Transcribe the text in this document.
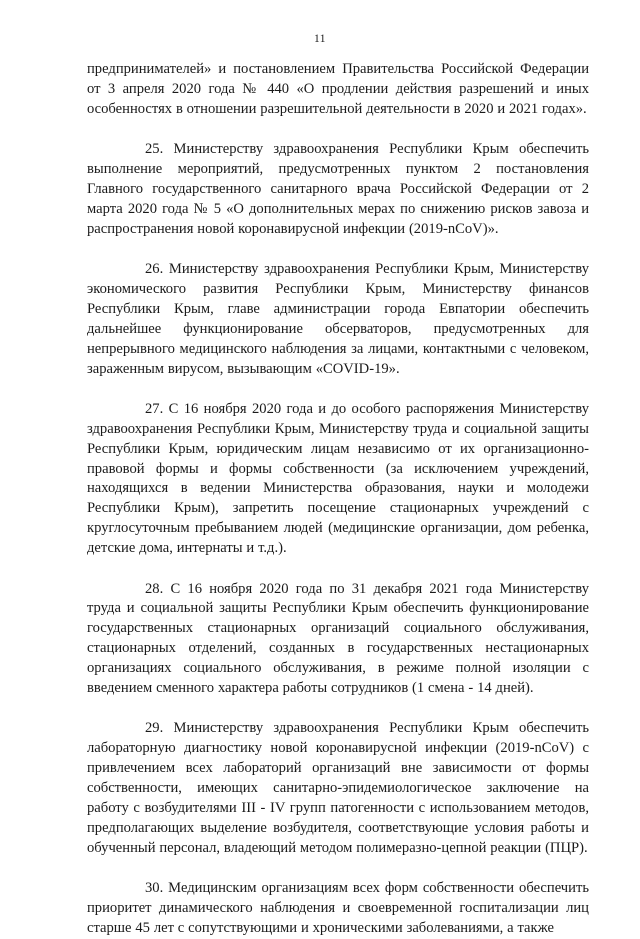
11

предпринимателей» и постановлением Правительства Российской Федерации от 3 апреля 2020 года № 440 «О продлении действия разрешений и иных особенностях в отношении разрешительной деятельности в 2020 и 2021 годах».

25. Министерству здравоохранения Республики Крым обеспечить выполнение мероприятий, предусмотренных пунктом 2 постановления Главного государственного санитарного врача Российской Федерации от 2 марта 2020 года № 5 «О дополнительных мерах по снижению рисков завоза и распространения новой коронавирусной инфекции (2019-nCoV)».

26. Министерству здравоохранения Республики Крым, Министерству экономического развития Республики Крым, Министерству финансов Республики Крым, главе администрации города Евпатории обеспечить дальнейшее функционирование обсерваторов, предусмотренных для непрерывного медицинского наблюдения за лицами, контактными с человеком, зараженным вирусом, вызывающим «COVID-19».

27. С 16 ноября 2020 года и до особого распоряжения Министерству здравоохранения Республики Крым, Министерству труда и социальной защиты Республики Крым, юридическим лицам независимо от их организационно-правовой формы и формы собственности (за исключением учреждений, находящихся в ведении Министерства образования, науки и молодежи Республики Крым), запретить посещение стационарных учреждений с круглосуточным пребыванием людей (медицинские организации, дом ребенка, детские дома, интернаты и т.д.).

28. С 16 ноября 2020 года по 31 декабря 2021 года Министерству труда и социальной защиты Республики Крым обеспечить функционирование государственных стационарных организаций социального обслуживания, стационарных отделений, созданных в государственных нестационарных организациях социального обслуживания, в режиме полной изоляции с введением сменного характера работы сотрудников (1 смена - 14 дней).

29. Министерству здравоохранения Республики Крым обеспечить лабораторную диагностику новой коронавирусной инфекции (2019-nCoV) с привлечением всех лабораторий организаций вне зависимости от формы собственности, имеющих санитарно-эпидемиологическое заключение на работу с возбудителями III - IV групп патогенности с использованием методов, предполагающих выделение возбудителя, соответствующие условия работы и обученный персонал, владеющий методом полимеразно-цепной реакции (ПЦР).

30. Медицинским организациям всех форм собственности обеспечить приоритет динамического наблюдения и своевременной госпитализации лиц старше 45 лет с сопутствующими и хроническими заболеваниями, а также
